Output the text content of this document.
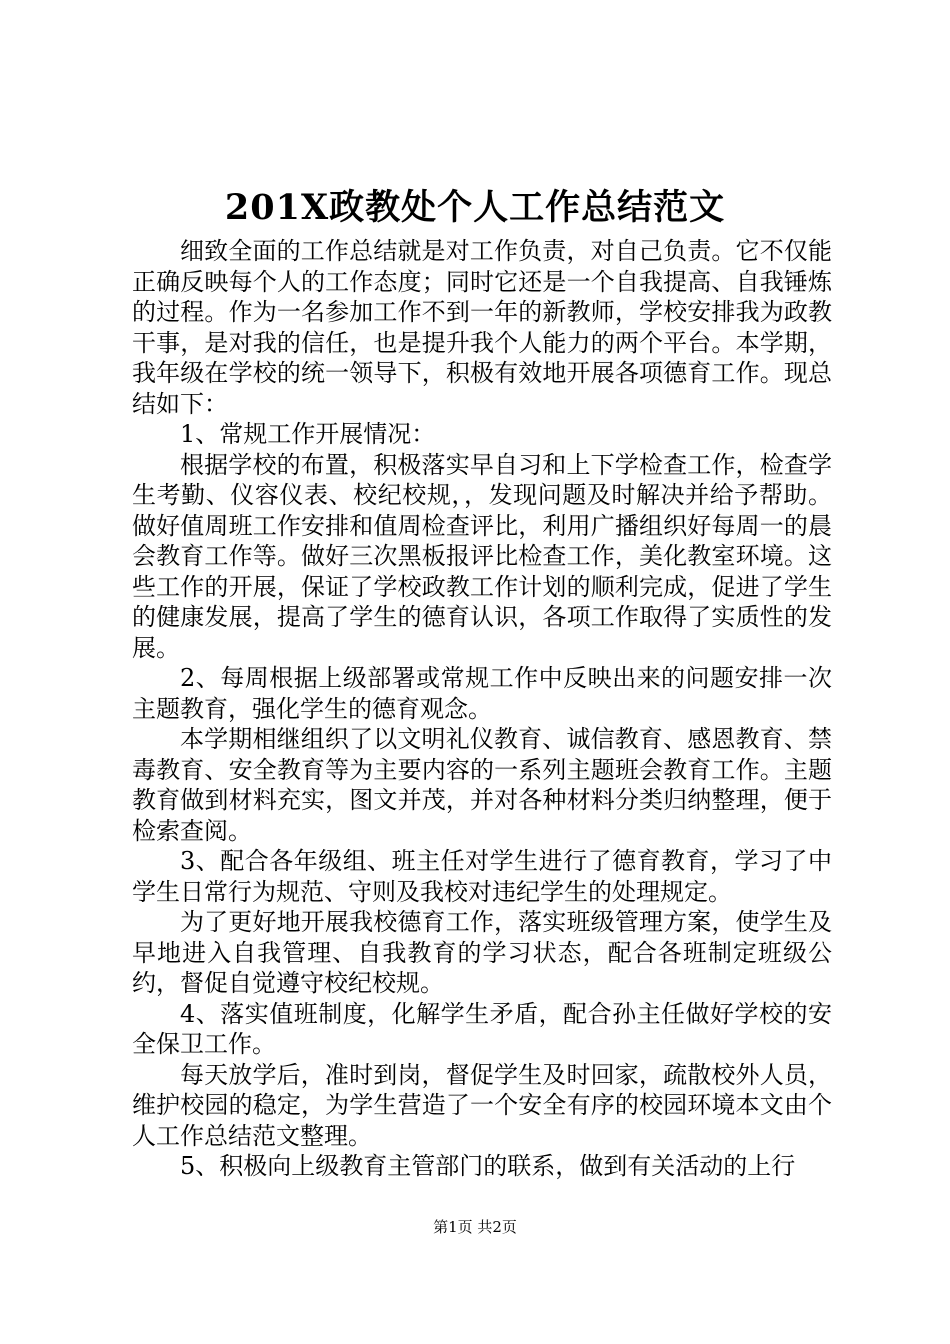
201X政教处个人工作总结范文

细致全面的工作总结就是对工作负责，对自己负责。它不仅能正确反映每个人的工作态度；同时它还是一个自我提高、自我锤炼的过程。作为一名参加工作不到一年的新教师，学校安排我为政教干事，是对我的信任，也是提升我个人能力的两个平台。本学期，我年级在学校的统一领导下，积极有效地开展各项德育工作。现总结如下：

1、常规工作开展情况：

根据学校的布置，积极落实早自习和上下学检查工作，检查学生考勤、仪容仪表、校纪校规，，发现问题及时解决并给予帮助。做好值周班工作安排和值周检查评比，利用广播组织好每周一的晨会教育工作等。做好三次黑板报评比检查工作，美化教室环境。这些工作的开展，保证了学校政教工作计划的顺利完成，促进了学生的健康发展，提高了学生的德育认识，各项工作取得了实质性的发展。

2、每周根据上级部署或常规工作中反映出来的问题安排一次主题教育，强化学生的德育观念。

本学期相继组织了以文明礼仪教育、诚信教育、感恩教育、禁毒教育、安全教育等为主要内容的一系列主题班会教育工作。主题教育做到材料充实，图文并茂，并对各种材料分类归纳整理，便于检索查阅。

3、配合各年级组、班主任对学生进行了德育教育，学习了中学生日常行为规范、守则及我校对违纪学生的处理规定。

为了更好地开展我校德育工作，落实班级管理方案，使学生及早地进入自我管理、自我教育的学习状态，配合各班制定班级公约，督促自觉遵守校纪校规。

4、落实值班制度，化解学生矛盾，配合孙主任做好学校的安全保卫工作。

每天放学后，准时到岗，督促学生及时回家，疏散校外人员，维护校园的稳定，为学生营造了一个安全有序的校园环境本文由个人工作总结范文整理。

5、积极向上级教育主管部门的联系，做到有关活动的上行

第1页 共2页
